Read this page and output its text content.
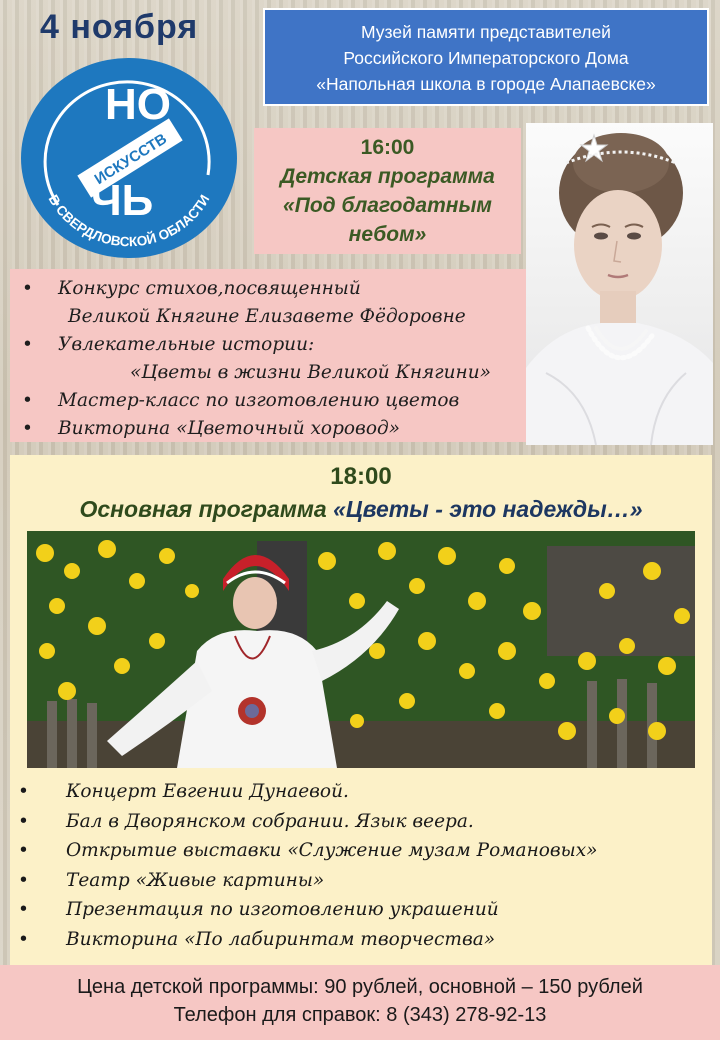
4 ноября
НО
ИСКУССТВ
ЧЬ
В СВЕРДЛОВСКОЙ ОБЛАСТИ
Музей памяти представителей
Российского Императорского Дома
«Напольная школа в городе Алапаевске»
16:00
Детская программа
«Под благодатным
небом»
• Конкурс стихов,посвященный
Великой Княгине Елизавете Фёдоровне
• Увлекательные истории:
«Цветы в жизни Великой Княгини»
• Мастер-класс по изготовлению цветов
• Викторина «Цветочный хоровод»
18:00
Основная программа «Цветы - это надежды…»
• Концерт Евгении Дунаевой.
• Бал в Дворянском собрании. Язык веера.
• Открытие выставки «Служение музам Романовых»
• Театр «Живые картины»
• Презентация по изготовлению украшений
• Викторина «По лабиринтам творчества»
Цена детской программы: 90 рублей, основной – 150 рублей
Телефон для справок: 8 (343) 278-92-13
